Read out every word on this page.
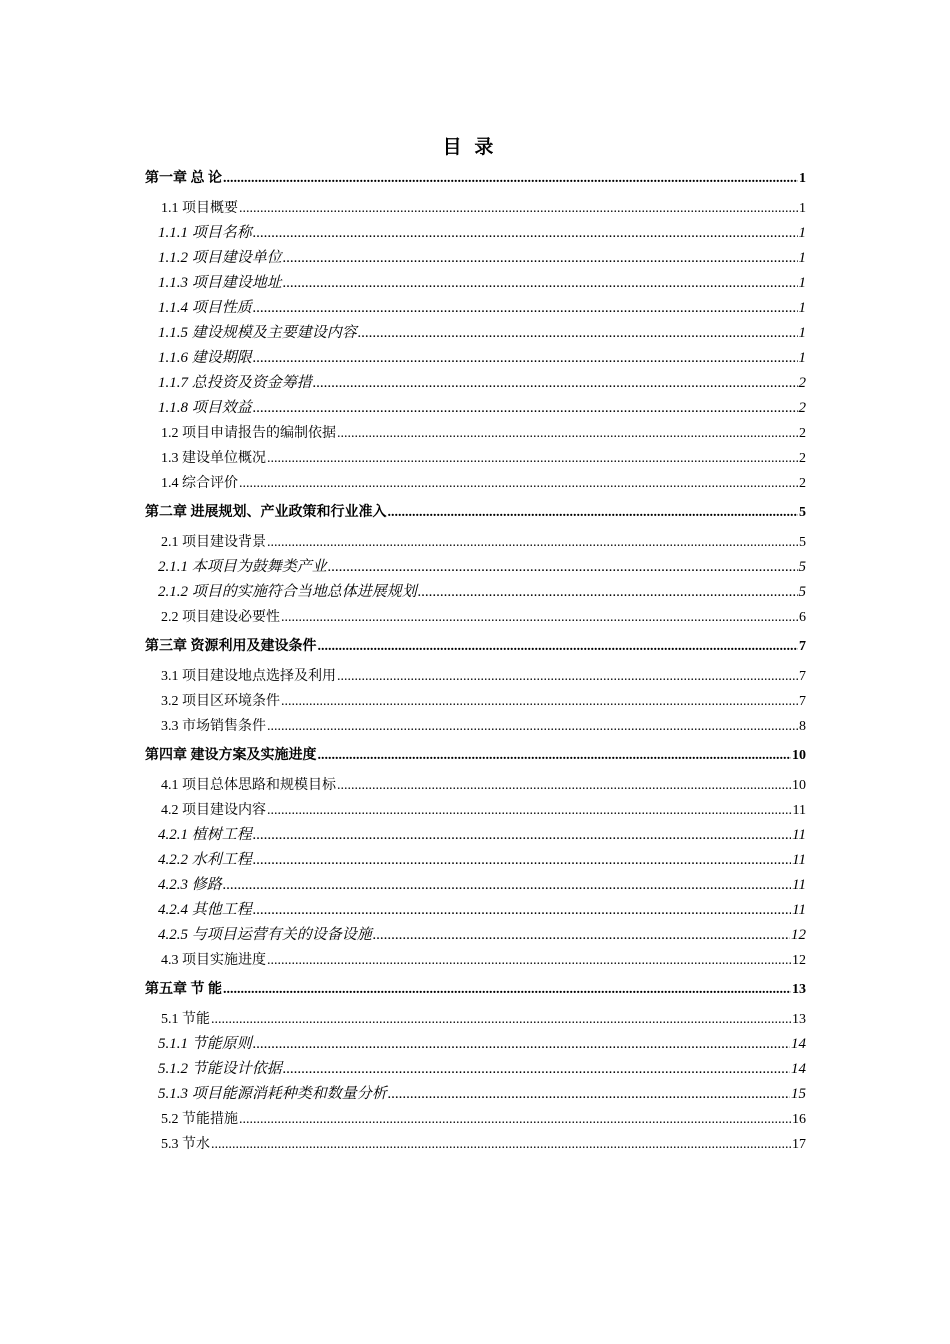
目 录
第一章 总 论 .....	1
1.1 项目概要 .....	1
1.1.1 项目名称 .....	1
1.1.2 项目建设单位 .....	1
1.1.3 项目建设地址 .....	1
1.1.4 项目性质 .....	1
1.1.5 建设规模及主要建设内容 .....	1
1.1.6 建设期限 .....	1
1.1.7 总投资及资金筹措 .....	2
1.1.8 项目效益 .....	2
1.2 项目申请报告的编制依据 .....	2
1.3 建设单位概况 .....	2
1.4 综合评价 .....	2
第二章 进展规划、产业政策和行业准入 .....	5
2.1 项目建设背景 .....	5
2.1.1 本项目为鼓舞类产业 .....	5
2.1.2 项目的实施符合当地总体进展规划 .....	5
2.2 项目建设必要性 .....	6
第三章 资源利用及建设条件 .....	7
3.1 项目建设地点选择及利用 .....	7
3.2 项目区环境条件 .....	7
3.3 市场销售条件 .....	8
第四章 建设方案及实施进度 .....	10
4.1 项目总体思路和规模目标 .....	10
4.2 项目建设内容 .....	11
4.2.1 植树工程 .....	11
4.2.2 水利工程 .....	11
4.2.3 修路 .....	11
4.2.4 其他工程 .....	11
4.2.5 与项目运营有关的设备设施 .....	12
4.3 项目实施进度 .....	12
第五章 节 能 .....	13
5.1 节能 .....	13
5.1.1 节能原则 .....	14
5.1.2 节能设计依据 .....	14
5.1.3 项目能源消耗种类和数量分析 .....	15
5.2 节能措施 .....	16
5.3 节水 .....	17
